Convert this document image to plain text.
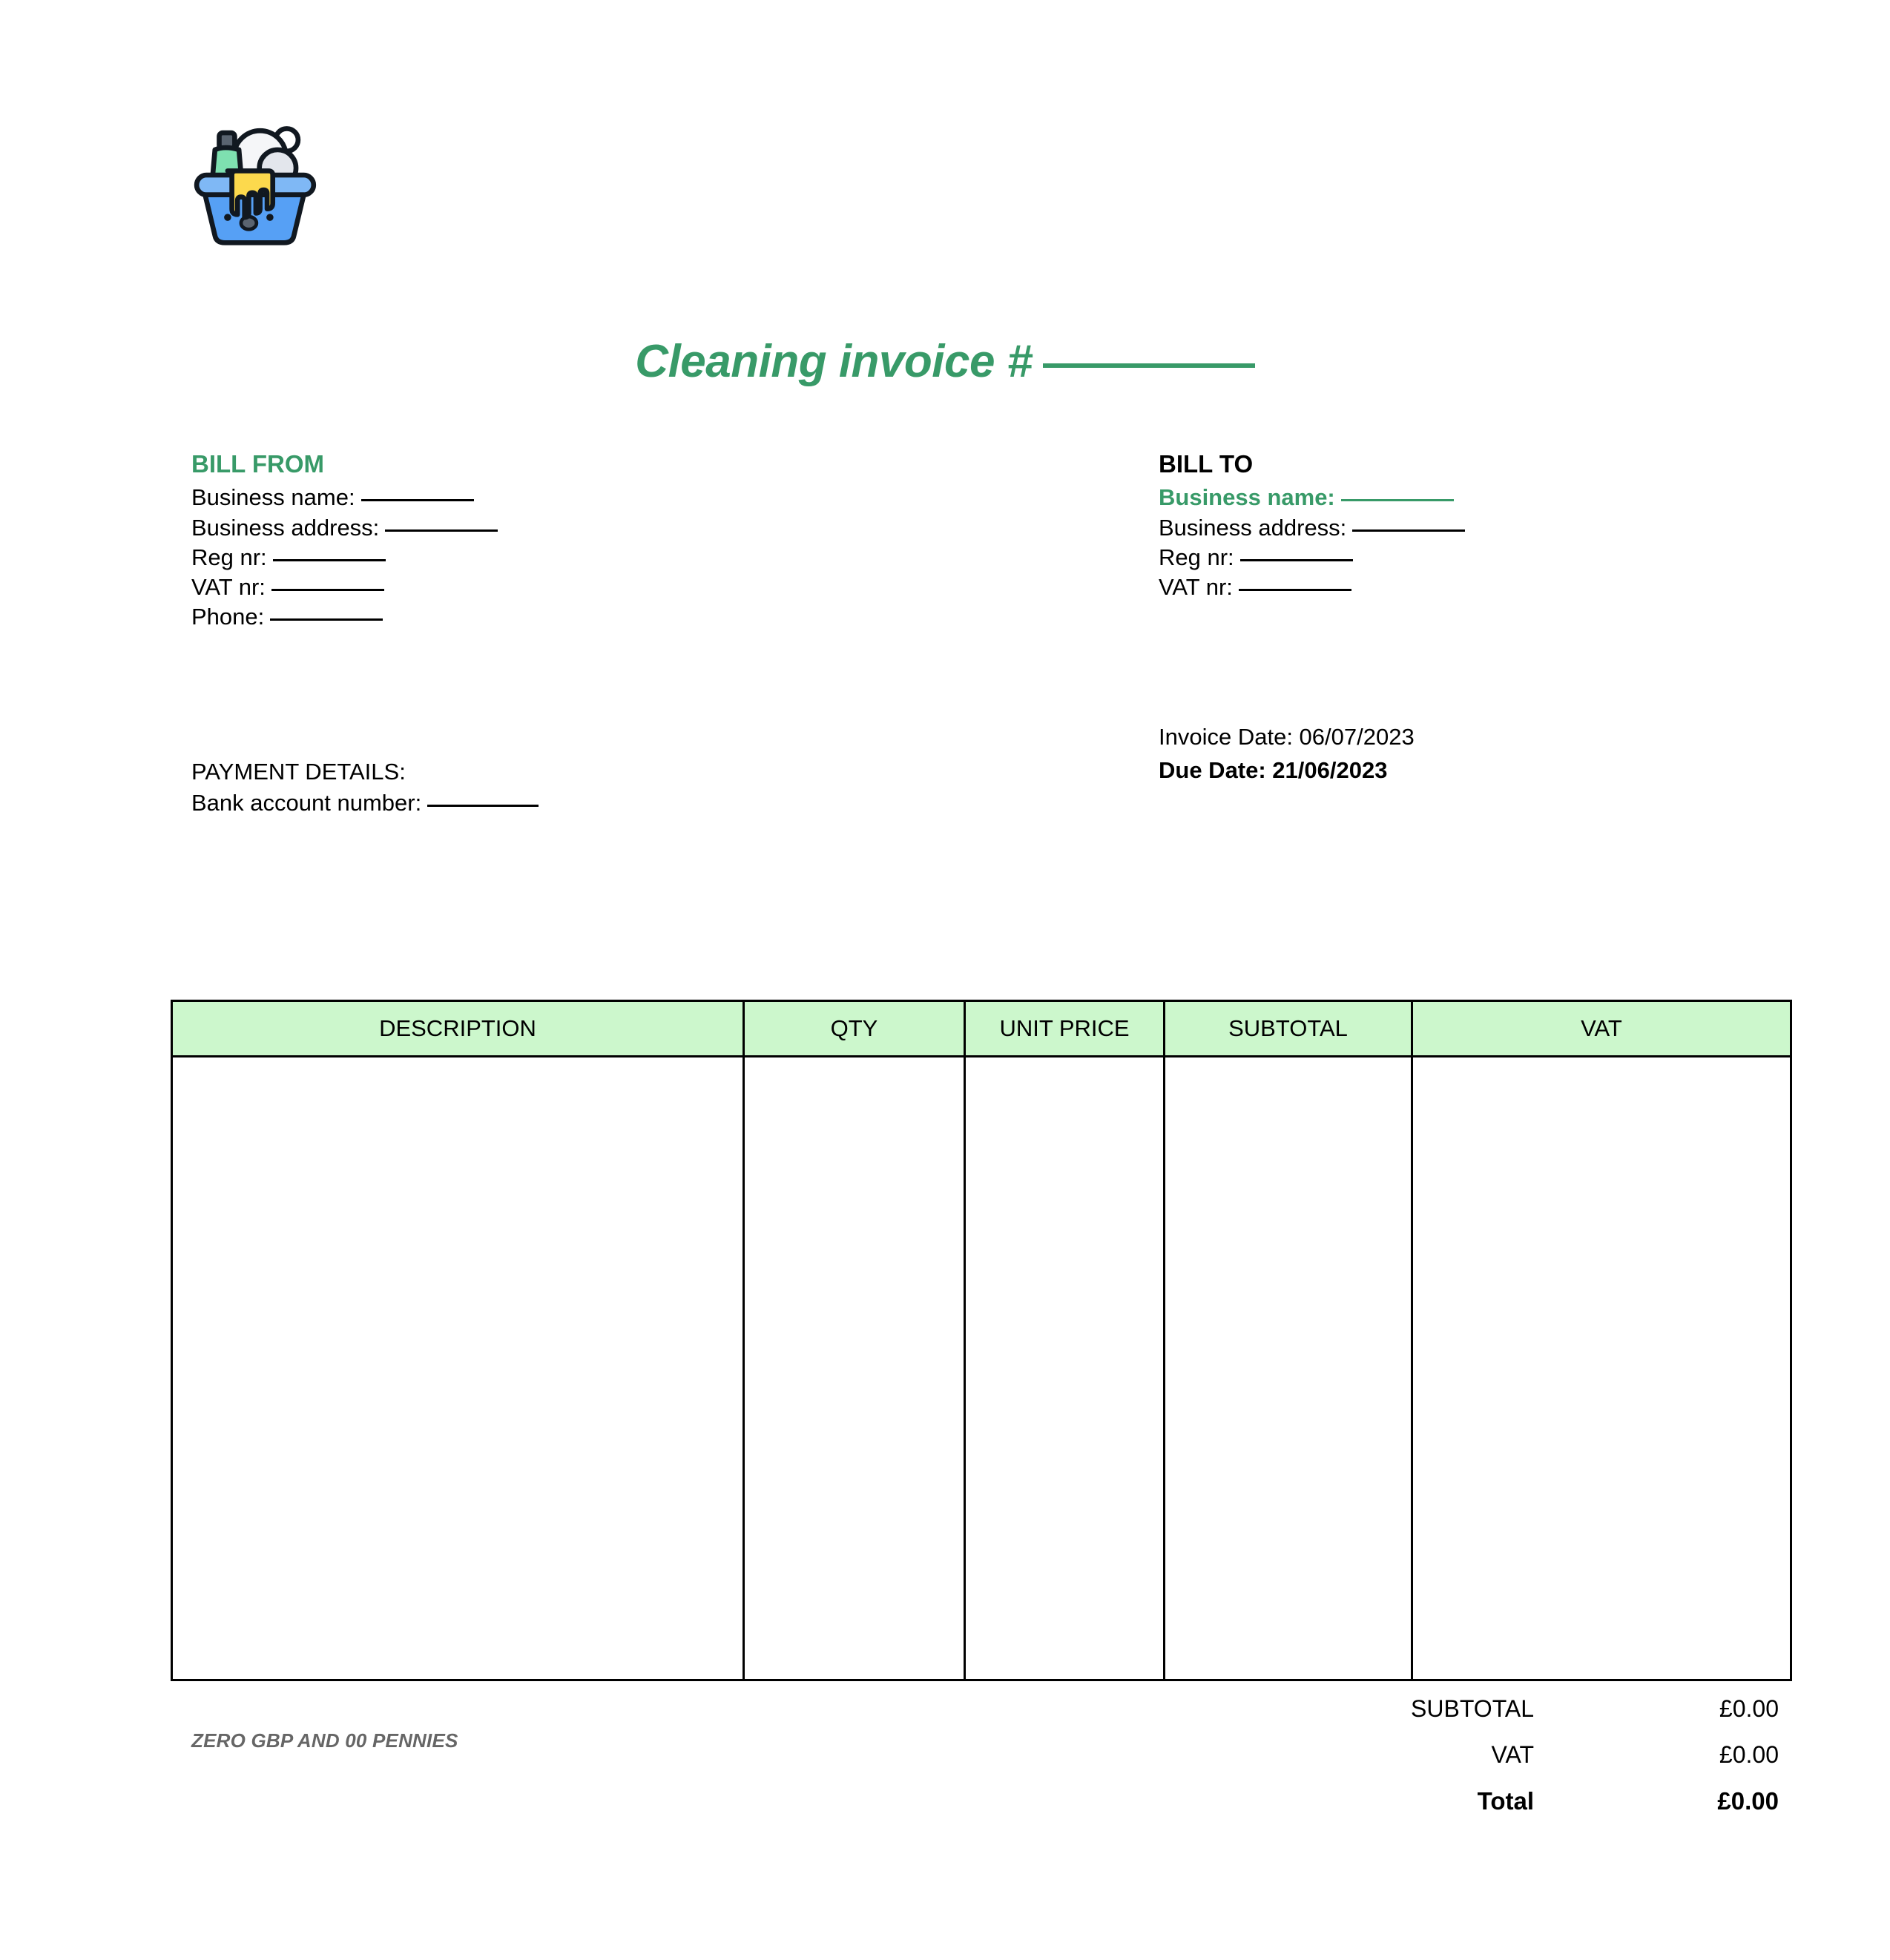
Cleaning invoice #
BILL FROM
Business name:
Business address:
Reg nr:
VAT nr:
Phone:
BILL TO
Business name:
Business address:
Reg nr:
VAT nr:
Invoice Date: 06/07/2023
Due Date: 21/06/2023
PAYMENT DETAILS:
Bank account number:
DESCRIPTION	QTY	UNIT PRICE	SUBTOTAL	VAT

ZERO GBP AND 00 PENNIES
SUBTOTAL	£0.00
VAT	£0.00
Total	£0.00
